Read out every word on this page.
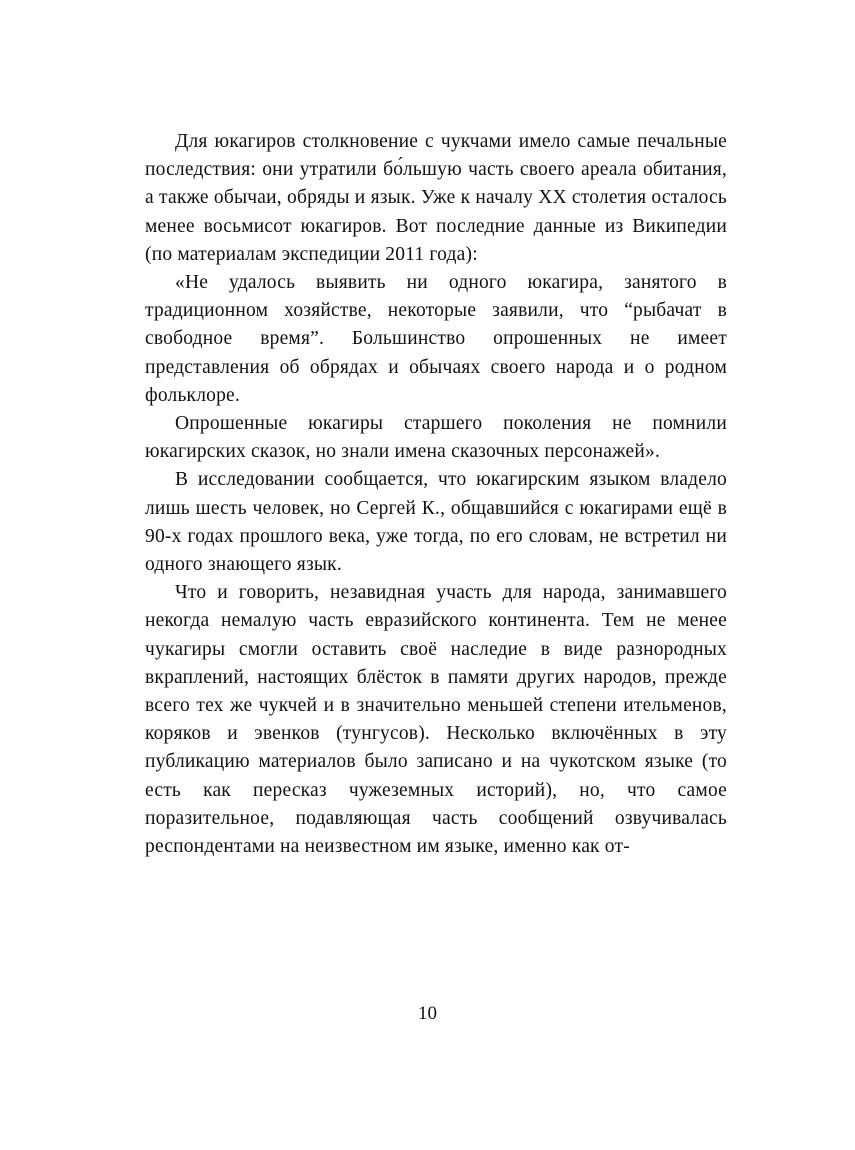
Для юкагиров столкновение с чукчами имело самые печальные последствия: они утратили бо́льшую часть своего ареала обитания, а также обычаи, обряды и язык. Уже к началу XX столетия осталось менее восьмисот юкагиров. Вот последние данные из Википедии (по материалам экспедиции 2011 года):

«Не удалось выявить ни одного юкагира, занятого в традиционном хозяйстве, некоторые заявили, что “рыбачат в свободное время”. Большинство опрошенных не имеет представления об обрядах и обычаях своего народа и о родном фольклоре.

Опрошенные юкагиры старшего поколения не помнили юкагирских сказок, но знали имена сказочных персонажей».

В исследовании сообщается, что юкагирским языком владело лишь шесть человек, но Сергей К., общавшийся с юкагирами ещё в 90-х годах прошлого века, уже тогда, по его словам, не встретил ни одного знающего язык.

Что и говорить, незавидная участь для народа, занимавшего некогда немалую часть евразийского континента. Тем не менее чукагиры смогли оставить своё наследие в виде разнородных вкраплений, настоящих блёсток в памяти других народов, прежде всего тех же чукчей и в значительно меньшей степени ительменов, коряков и эвенков (тунгусов). Несколько включённых в эту публикацию материалов было записано и на чукотском языке (то есть как пересказ чужеземных историй), но, что самое поразительное, подавляющая часть сообщений озвучивалась респондентами на неизвестном им языке, именно как от-

10
